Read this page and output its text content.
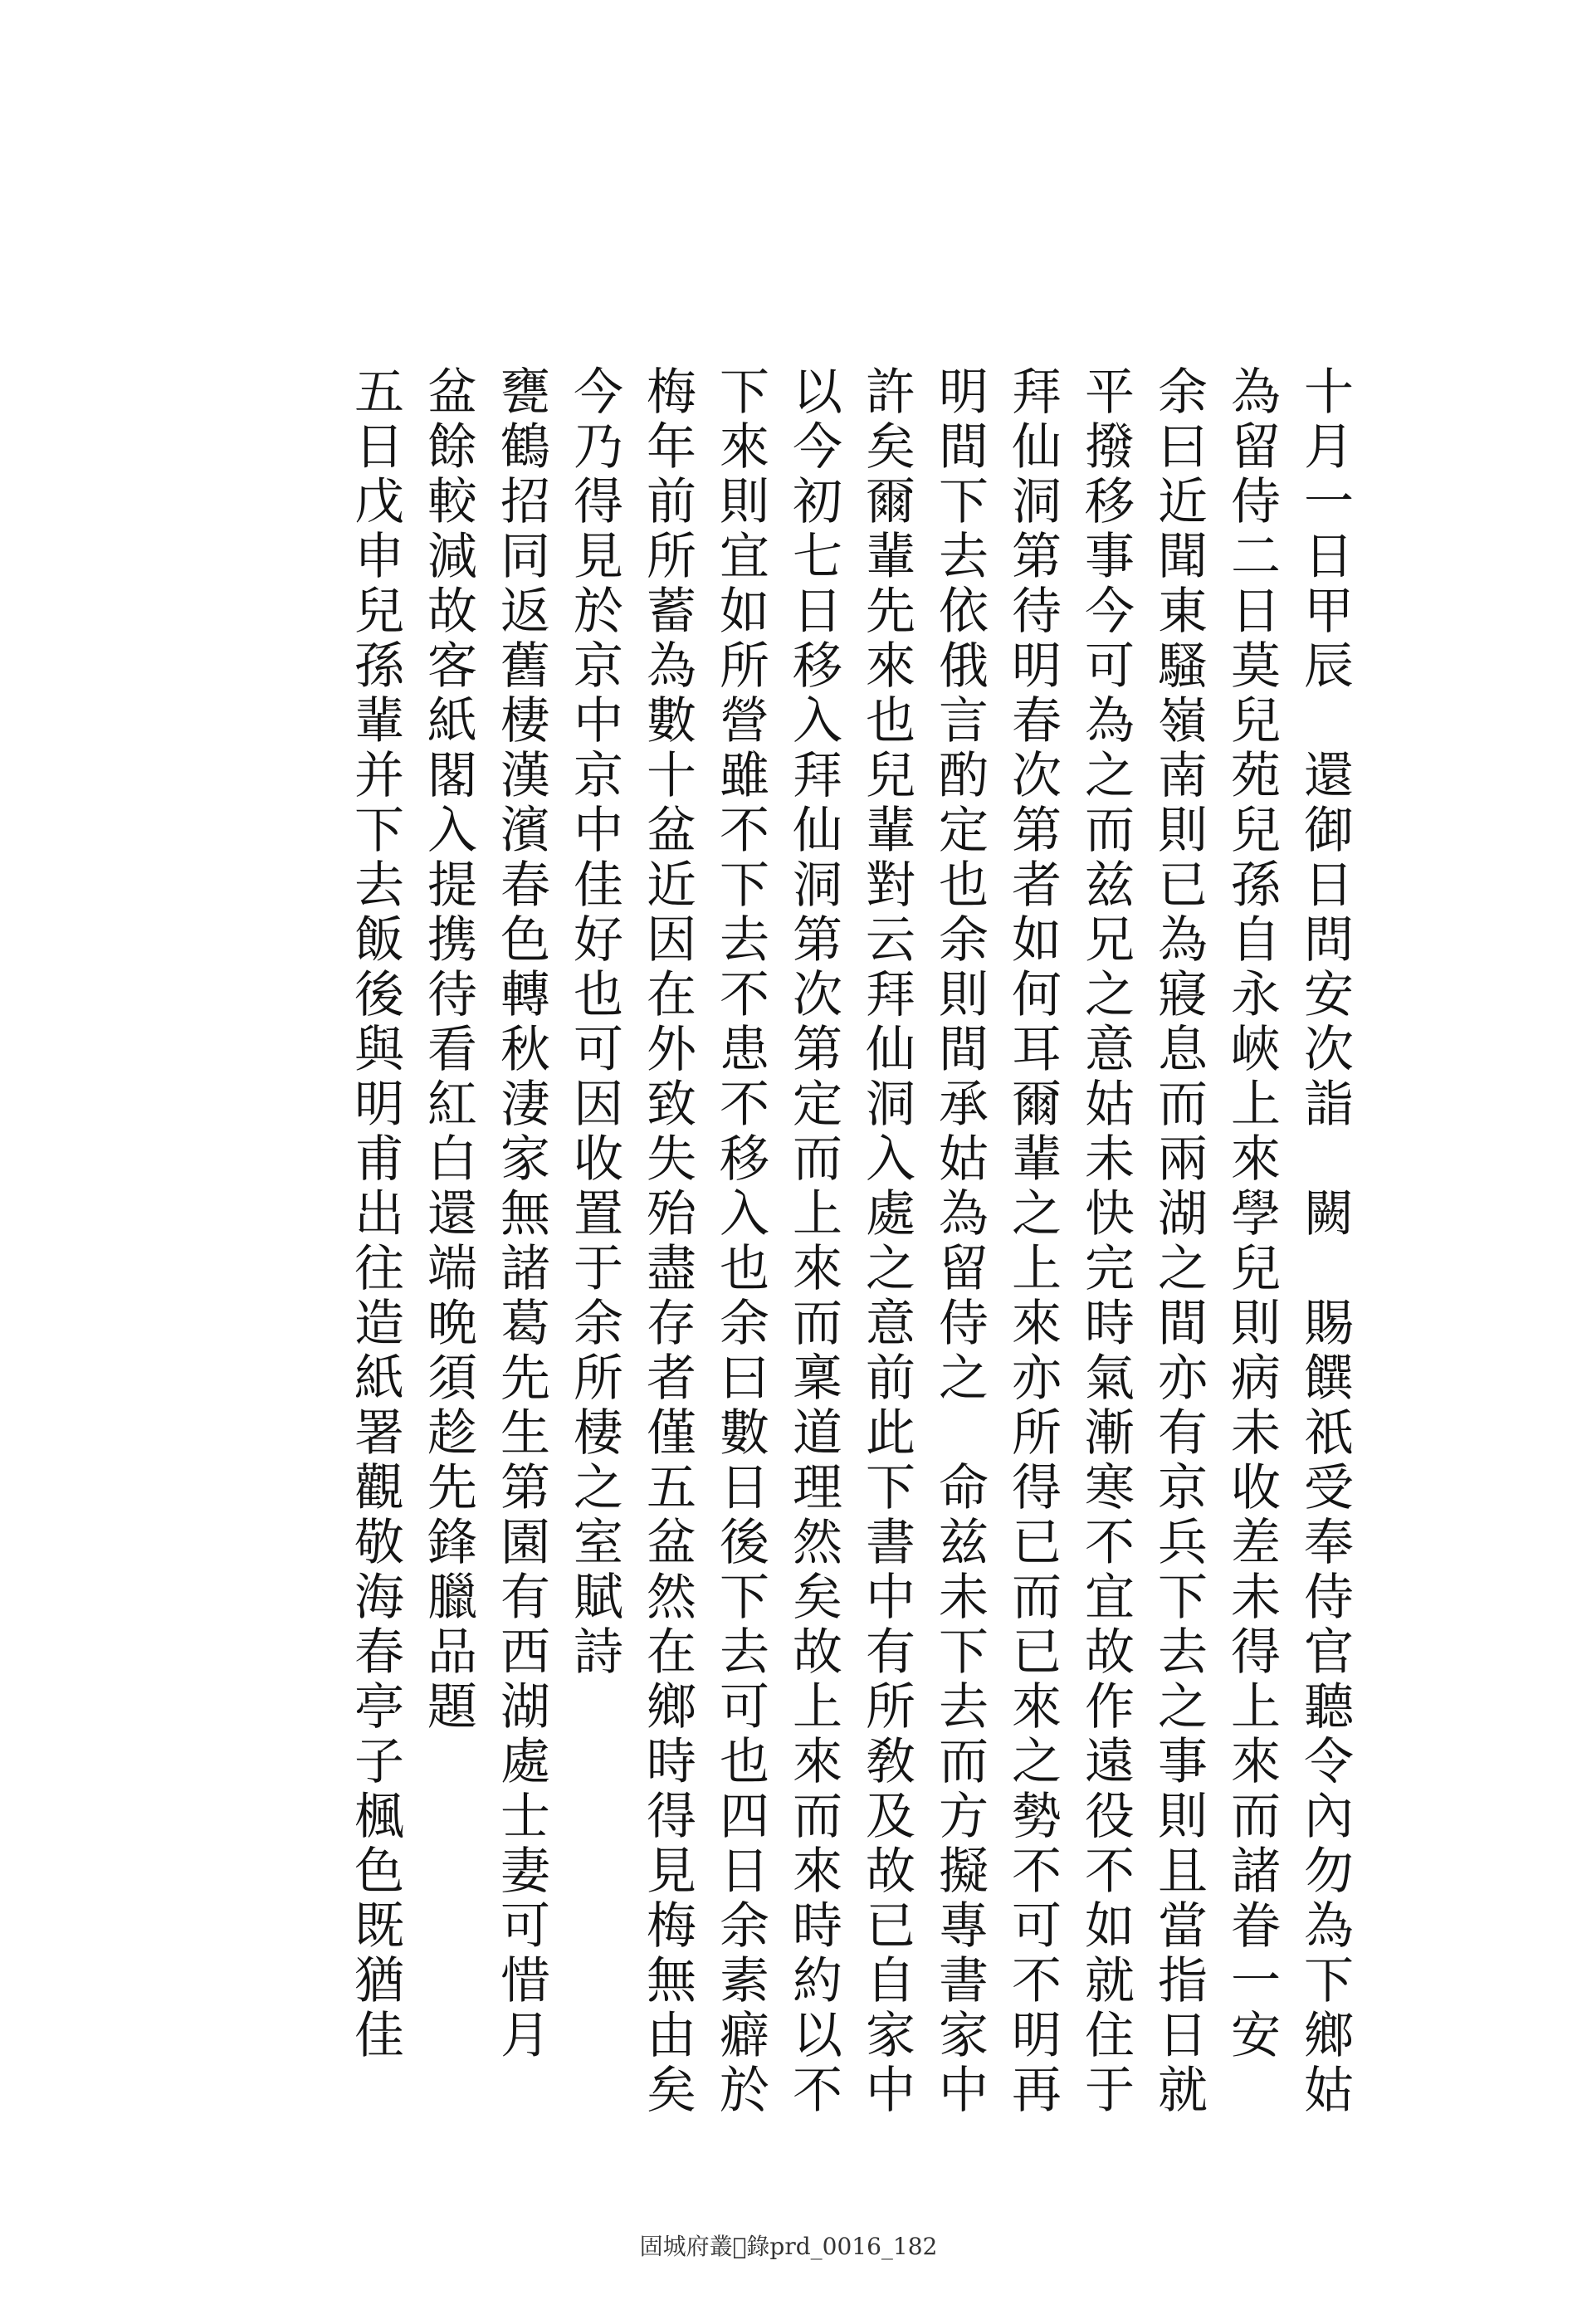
十月一日甲辰　還御日問安次詣　闕　賜饌祇受奉侍官聽令內勿為下鄉姑
為留侍二日莫兒苑兒孫自永峽上來學兒則病未收差未得上來而諸眷一安
余曰近聞東騷嶺南則已為寢息而兩湖之間亦有京兵下去之事則且當指日就
平撥移事今可為之而兹兄之意姑未快完時氣漸寒不宜故作遠役不如就住于
拜仙洞第待明春次第者如何耳爾輩之上來亦所得已而已來之勢不可不明再
明間下去依俄言酌定也余則間承姑為留侍之　命兹未下去而方擬專書家中
許矣爾輩先來也兒輩對云拜仙洞入處之意前此下書中有所敎及故已自家中
以今初七日移入拜仙洞第次第定而上來而稟道理然矣故上來而來時約以不
下來則宜如所營雖不下去不患不移入也余曰數日後下去可也四日余素癖於
梅年前所蓄為數十盆近因在外致失殆盡存者僅五盆然在鄉時得見梅無由矣
今乃得見於京中京中佳好也可因收置于余所棲之室賦詩
甕鶴招同返舊棲漢濱春色轉秋淒家無諸葛先生第園有西湖處士妻可惜月
盆餘較減故客紙閣入提携待看紅白還端晩須趁先鋒臘品題
五日戊申兒孫輩并下去飯後與明甫出往造紙署觀敬海春亭子楓色既猶佳
固城府叢𨷏錄prd_0016_182
